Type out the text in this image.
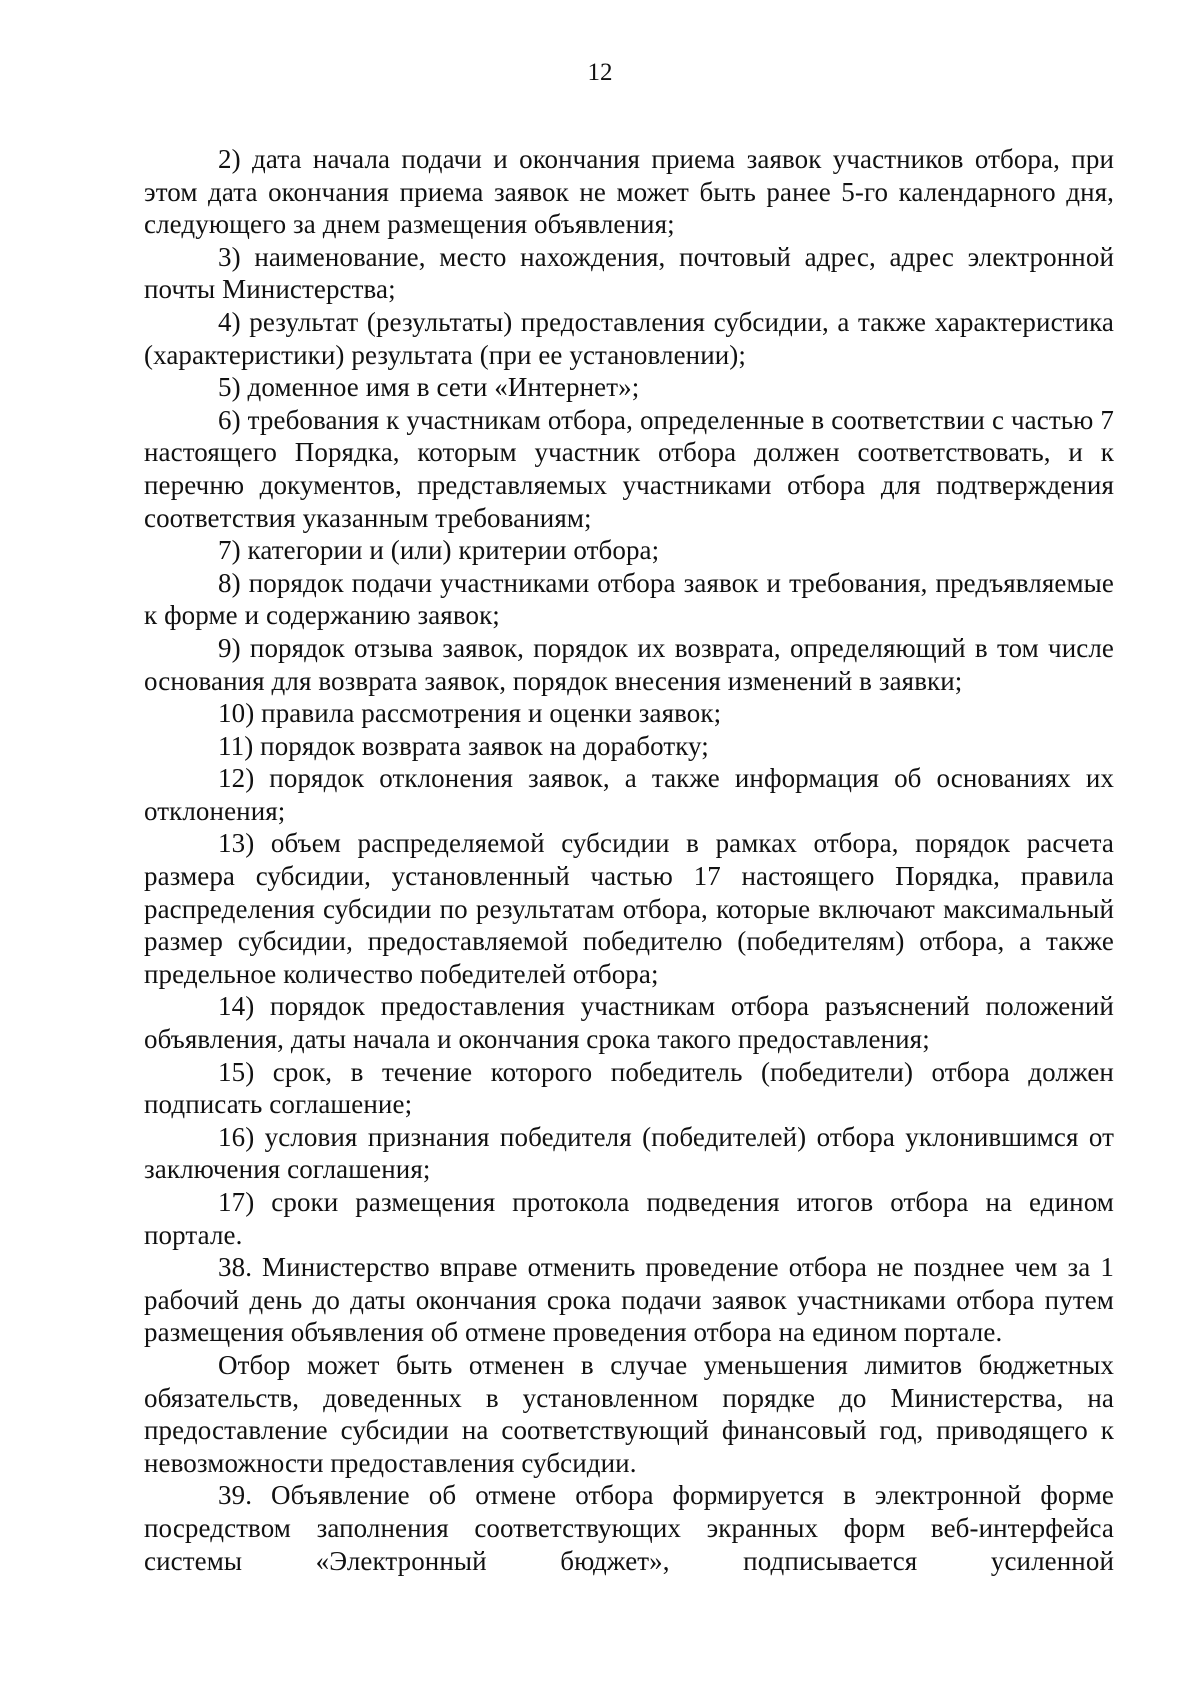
12

2) дата начала подачи и окончания приема заявок участников отбора, при этом дата окончания приема заявок не может быть ранее 5-го календарного дня, следующего за днем размещения объявления;

3) наименование, место нахождения, почтовый адрес, адрес электронной почты Министерства;

4) результат (результаты) предоставления субсидии, а также характеристика (характеристики) результата (при ее установлении);

5) доменное имя в сети «Интернет»;

6) требования к участникам отбора, определенные в соответствии с частью 7 настоящего Порядка, которым участник отбора должен соответствовать, и к перечню документов, представляемых участниками отбора для подтверждения соответствия указанным требованиям;

7) категории и (или) критерии отбора;

8) порядок подачи участниками отбора заявок и требования, предъявляемые к форме и содержанию заявок;

9) порядок отзыва заявок, порядок их возврата, определяющий в том числе основания для возврата заявок, порядок внесения изменений в заявки;

10) правила рассмотрения и оценки заявок;

11) порядок возврата заявок на доработку;

12) порядок отклонения заявок, а также информация об основаниях их отклонения;

13) объем распределяемой субсидии в рамках отбора, порядок расчета размера субсидии, установленный частью 17 настоящего Порядка, правила распределения субсидии по результатам отбора, которые включают максимальный размер субсидии, предоставляемой победителю (победителям) отбора, а также предельное количество победителей отбора;

14) порядок предоставления участникам отбора разъяснений положений объявления, даты начала и окончания срока такого предоставления;

15) срок, в течение которого победитель (победители) отбора должен подписать соглашение;

16) условия признания победителя (победителей) отбора уклонившимся от заключения соглашения;

17) сроки размещения протокола подведения итогов отбора на едином портале.

38. Министерство вправе отменить проведение отбора не позднее чем за 1 рабочий день до даты окончания срока подачи заявок участниками отбора путем размещения объявления об отмене проведения отбора на едином портале.

Отбор может быть отменен в случае уменьшения лимитов бюджетных обязательств, доведенных в установленном порядке до Министерства, на предоставление субсидии на соответствующий финансовый год, приводящего к невозможности предоставления субсидии.

39. Объявление об отмене отбора формируется в электронной форме посредством заполнения соответствующих экранных форм веб-интерфейса системы «Электронный бюджет», подписывается усиленной
